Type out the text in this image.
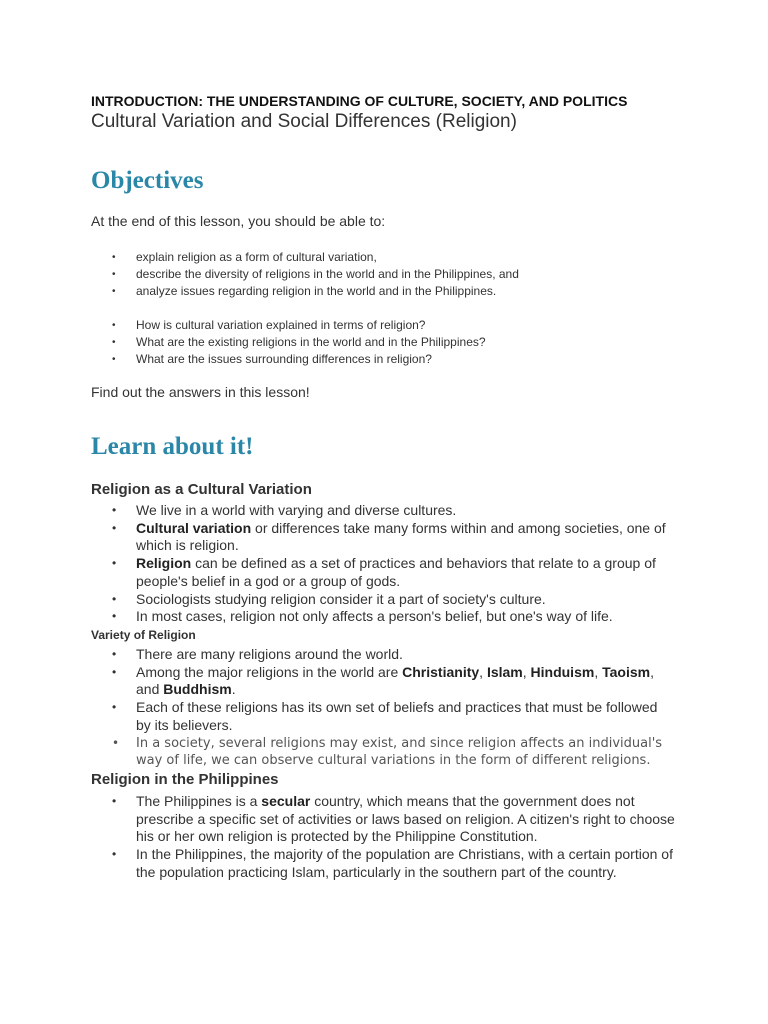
INTRODUCTION: THE UNDERSTANDING OF CULTURE, SOCIETY, AND POLITICS
Cultural Variation and Social Differences (Religion)
Objectives
At the end of this lesson, you should be able to:
• explain religion as a form of cultural variation,
• describe the diversity of religions in the world and in the Philippines, and
• analyze issues regarding religion in the world and in the Philippines.
• How is cultural variation explained in terms of religion?
• What are the existing religions in the world and in the Philippines?
• What are the issues surrounding differences in religion?
Find out the answers in this lesson!
Learn about it!
Religion as a Cultural Variation
• We live in a world with varying and diverse cultures.
• Cultural variation or differences take many forms within and among societies, one of which is religion.
• Religion can be defined as a set of practices and behaviors that relate to a group of people's belief in a god or a group of gods.
• Sociologists studying religion consider it a part of society's culture.
• In most cases, religion not only affects a person's belief, but one's way of life.
Variety of Religion
• There are many religions around the world.
• Among the major religions in the world are Christianity, Islam, Hinduism, Taoism, and Buddhism.
• Each of these religions has its own set of beliefs and practices that must be followed by its believers.
• In a society, several religions may exist, and since religion affects an individual's way of life, we can observe cultural variations in the form of different religions.
Religion in the Philippines
• The Philippines is a secular country, which means that the government does not prescribe a specific set of activities or laws based on religion. A citizen's right to choose his or her own religion is protected by the Philippine Constitution.
• In the Philippines, the majority of the population are Christians, with a certain portion of the population practicing Islam, particularly in the southern part of the country.
